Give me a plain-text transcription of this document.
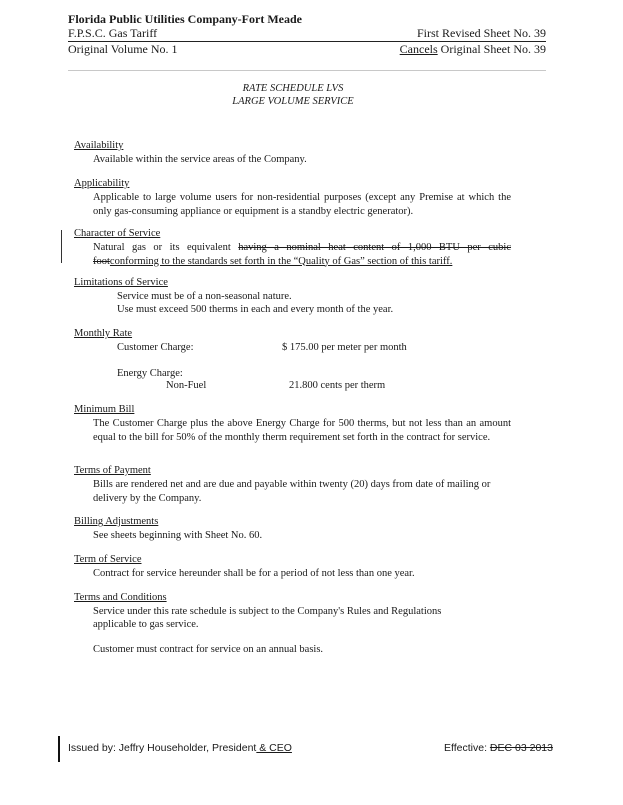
Florida Public Utilities Company-Fort Meade
F.P.S.C. Gas Tariff	First Revised Sheet No. 39
Original Volume No. 1	Cancels Original Sheet No. 39
RATE SCHEDULE LVS
LARGE VOLUME SERVICE
Availability
Available within the service areas of the Company.
Applicability
Applicable to large volume users for non-residential purposes (except any Premise at which the only gas-consuming appliance or equipment is a standby electric generator).
Character of Service
Natural gas or its equivalent having a nominal heat content of 1,000 BTU per cubic footconforming to the standards set forth in the “Quality of Gas” section of this tariff.
Limitations of Service
Service must be of a non-seasonal nature.
Use must exceed 500 therms in each and every month of the year.
Monthly Rate
Customer Charge:	$ 175.00 per meter per month
Energy Charge:
Non-Fuel	21.800 cents per therm
Minimum Bill
The Customer Charge plus the above Energy Charge for 500 therms, but not less than an amount equal to the bill for 50% of the monthly therm requirement set forth in the contract for service.
Terms of Payment
Bills are rendered net and are due and payable within twenty (20) days from date of mailing or delivery by the Company.
Billing Adjustments
See sheets beginning with Sheet No. 60.
Term of Service
Contract for service hereunder shall be for a period of not less than one year.
Terms and Conditions
Service under this rate schedule is subject to the Company's Rules and Regulations
applicable to gas service.
Customer must contract for service on an annual basis.
Issued by: Jeffry Householder, President & CEO	Effective: DEC 03 2013
